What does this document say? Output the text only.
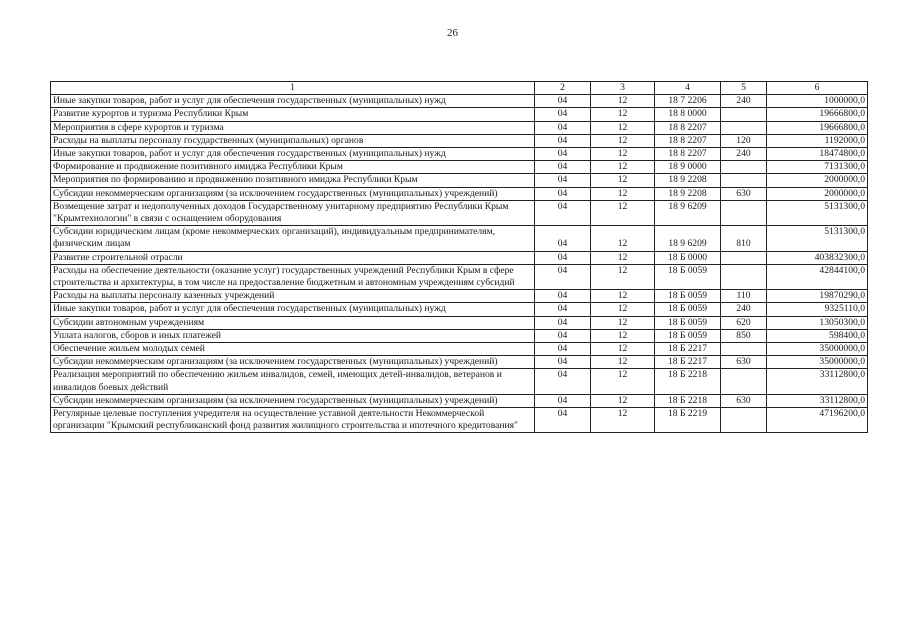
26
1	2	3	4	5	6
Иные закупки товаров, работ и услуг для обеспечения государственных (муниципальных) нужд	04	12	18 7 2206	240	1000000,0
Развитие курортов и туризма Республики Крым	04	12	18 8 0000		19666800,0
Мероприятия в сфере курортов и туризма	04	12	18 8 2207		19666800,0
Расходы на выплаты персоналу государственных (муниципальных) органов	04	12	18 8 2207	120	1192000,0
Иные закупки товаров, работ и услуг для обеспечения государственных (муниципальных) нужд	04	12	18 8 2207	240	18474800,0
Формирование и продвижение позитивного имиджа Республики Крым	04	12	18 9 0000		7131300,0
Мероприятия по формированию и продвижению позитивного имиджа Республики Крым	04	12	18 9 2208		2000000,0
Субсидии некоммерческим организациям (за исключением государственных (муниципальных) учреждений)	04	12	18 9 2208	630	2000000,0
Возмещение затрат и недополученных доходов Государственному унитарному предприятию Республики Крым "Крымтехнологии" в связи с оснащением оборудования	04	12	18 9 6209		5131300,0
Субсидии юридическим лицам (кроме некоммерческих организаций), индивидуальным предпринимателям, физическим лицам	04	12	18 9 6209	810	5131300,0
Развитие строительной отрасли	04	12	18 Б 0000		403832300,0
Расходы на обеспечение деятельности (оказание услуг) государственных учреждений Республики Крым в сфере строительства и архитектуры, в том числе на предоставление бюджетным и автономным учреждениям субсидий	04	12	18 Б 0059		42844100,0
Расходы на выплаты персоналу казенных учреждений	04	12	18 Б 0059	110	19870290,0
Иные закупки товаров, работ и услуг для обеспечения государственных (муниципальных) нужд	04	12	18 Б 0059	240	9325110,0
Субсидии автономным учреждениям	04	12	18 Б 0059	620	13050300,0
Уплата налогов, сборов и иных платежей	04	12	18 Б 0059	850	598400,0
Обеспечение жильем молодых семей	04	12	18 Б 2217		35000000,0
Субсидии некоммерческим организациям (за исключением государственных (муниципальных) учреждений)	04	12	18 Б 2217	630	35000000,0
Реализация мероприятий по обеспечению жильем инвалидов, семей, имеющих детей-инвалидов, ветеранов и инвалидов боевых действий	04	12	18 Б 2218		33112800,0
Субсидии некоммерческим организациям (за исключением государственных (муниципальных) учреждений)	04	12	18 Б 2218	630	33112800,0
Регулярные целевые поступления учредителя на осуществление уставной деятельности Некоммерческой организации "Крымский республиканский фонд развития жилищного строительства и ипотечного кредитования"	04	12	18 Б 2219		47196200,0
